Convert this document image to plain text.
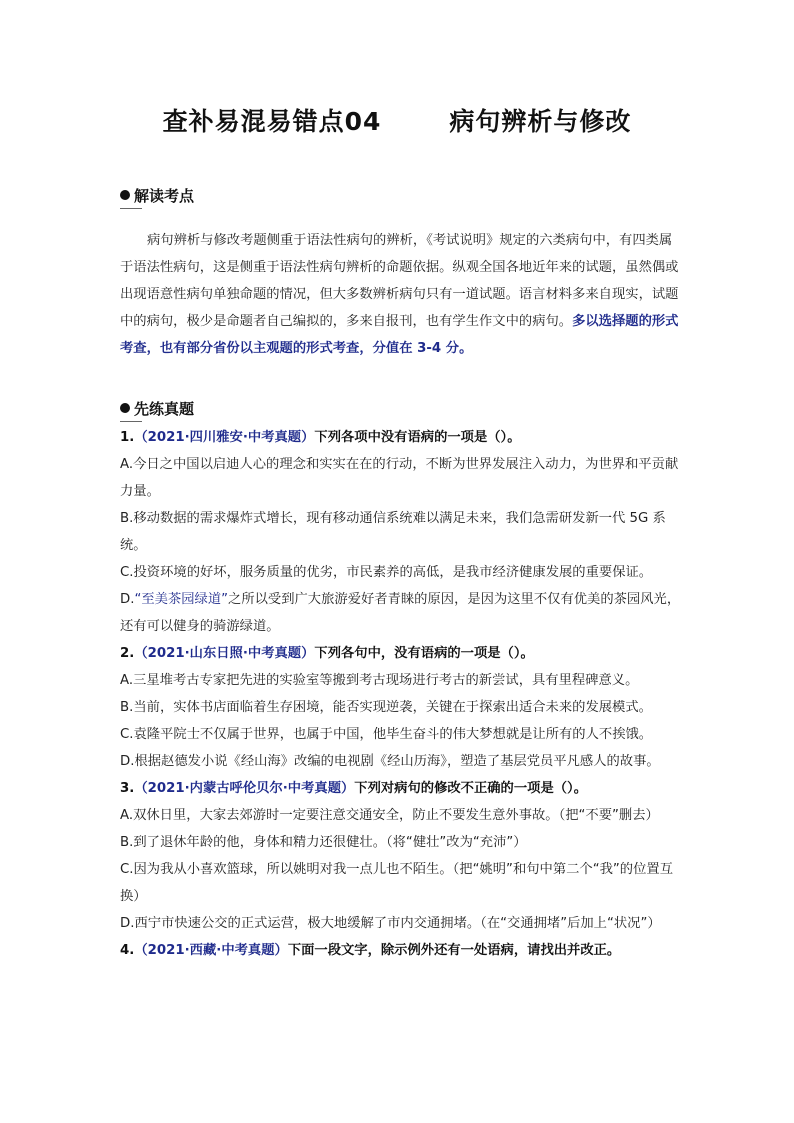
查补易混易错点04	病句辨析与修改
解读考点
病句辨析与修改考题侧重于语法性病句的辨析，《考试说明》规定的六类病句中，有四类属于语法性病句，这是侧重于语法性病句辨析的命题依据。纵观全国各地近年来的试题，虽然偶或出现语意性病句单独命题的情况，但大多数辨析病句只有一道试题。语言材料多来自现实，试题中的病句，极少是命题者自己编拟的，多来自报刊，也有学生作文中的病句。多以选择题的形式考查，也有部分省份以主观题的形式考查，分值在 3-4 分。
先练真题
1.（2021·四川雅安·中考真题）下列各项中没有语病的一项是（）。
A.今日之中国以启迪人心的理念和实实在在的行动，不断为世界发展注入动力，为世界和平贡献力量。
B.移动数据的需求爆炸式增长，现有移动通信系统难以满足未来，我们急需研发新一代 5G 系统。
C.投资环境的好坏，服务质量的优劣，市民素养的高低，是我市经济健康发展的重要保证。
D.“至美茶园绿道”之所以受到广大旅游爱好者青睐的原因，是因为这里不仅有优美的茶园风光，还有可以健身的骑游绿道。
2.（2021·山东日照·中考真题）下列各句中，没有语病的一项是（）。
A.三星堆考古专家把先进的实验室等搬到考古现场进行考古的新尝试，具有里程碑意义。
B.当前，实体书店面临着生存困境，能否实现逆袭，关键在于探索出适合未来的发展模式。
C.袁隆平院士不仅属于世界，也属于中国，他毕生奋斗的伟大梦想就是让所有的人不挨饿。
D.根据赵德发小说《经山海》改编的电视剧《经山历海》，塑造了基层党员平凡感人的故事。
3.（2021·内蒙古呼伦贝尔·中考真题）下列对病句的修改不正确的一项是（）。
A.双休日里，大家去郊游时一定要注意交通安全，防止不要发生意外事故。（把“不要”删去）
B.到了退休年龄的他，身体和精力还很健壮。（将“健壮”改为“充沛”）
C.因为我从小喜欢篮球，所以姚明对我一点儿也不陌生。（把“姚明”和句中第二个“我”的位置互换）
D.西宁市快速公交的正式运营，极大地缓解了市内交通拥堵。（在“交通拥堵”后加上“状况”）
4.（2021·西藏·中考真题）下面一段文字，除示例外还有一处语病，请找出并改正。
